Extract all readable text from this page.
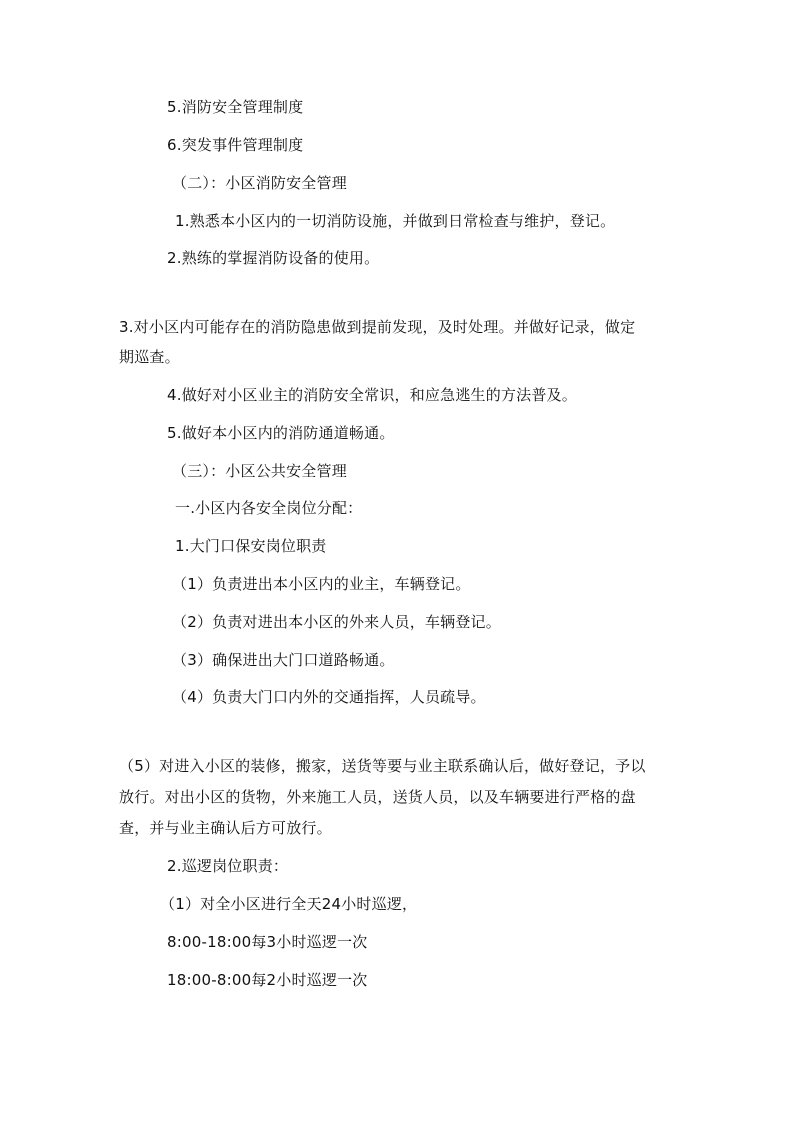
5.消防安全管理制度

6.突发事件管理制度

（二）：小区消防安全管理

1.熟悉本小区内的一切消防设施，并做到日常检查与维护，登记。

2.熟练的掌握消防设备的使用。

3.对小区内可能存在的消防隐患做到提前发现，及时处理。并做好记录，做定

期巡查。

4.做好对小区业主的消防安全常识，和应急逃生的方法普及。

5.做好本小区内的消防通道畅通。

（三）：小区公共安全管理

一.小区内各安全岗位分配：

1.大门口保安岗位职责

（1）负责进出本小区内的业主，车辆登记。

（2）负责对进出本小区的外来人员，车辆登记。

（3）确保进出大门口道路畅通。

（4）负责大门口内外的交通指挥，人员疏导。

（5）对进入小区的装修，搬家，送货等要与业主联系确认后，做好登记，予以

放行。对出小区的货物，外来施工人员，送货人员，以及车辆要进行严格的盘

查，并与业主确认后方可放行。

2.巡逻岗位职责：

（1）对全小区进行全天24小时巡逻，

8:00-18:00每3小时巡逻一次

18:00-8:00每2小时巡逻一次
